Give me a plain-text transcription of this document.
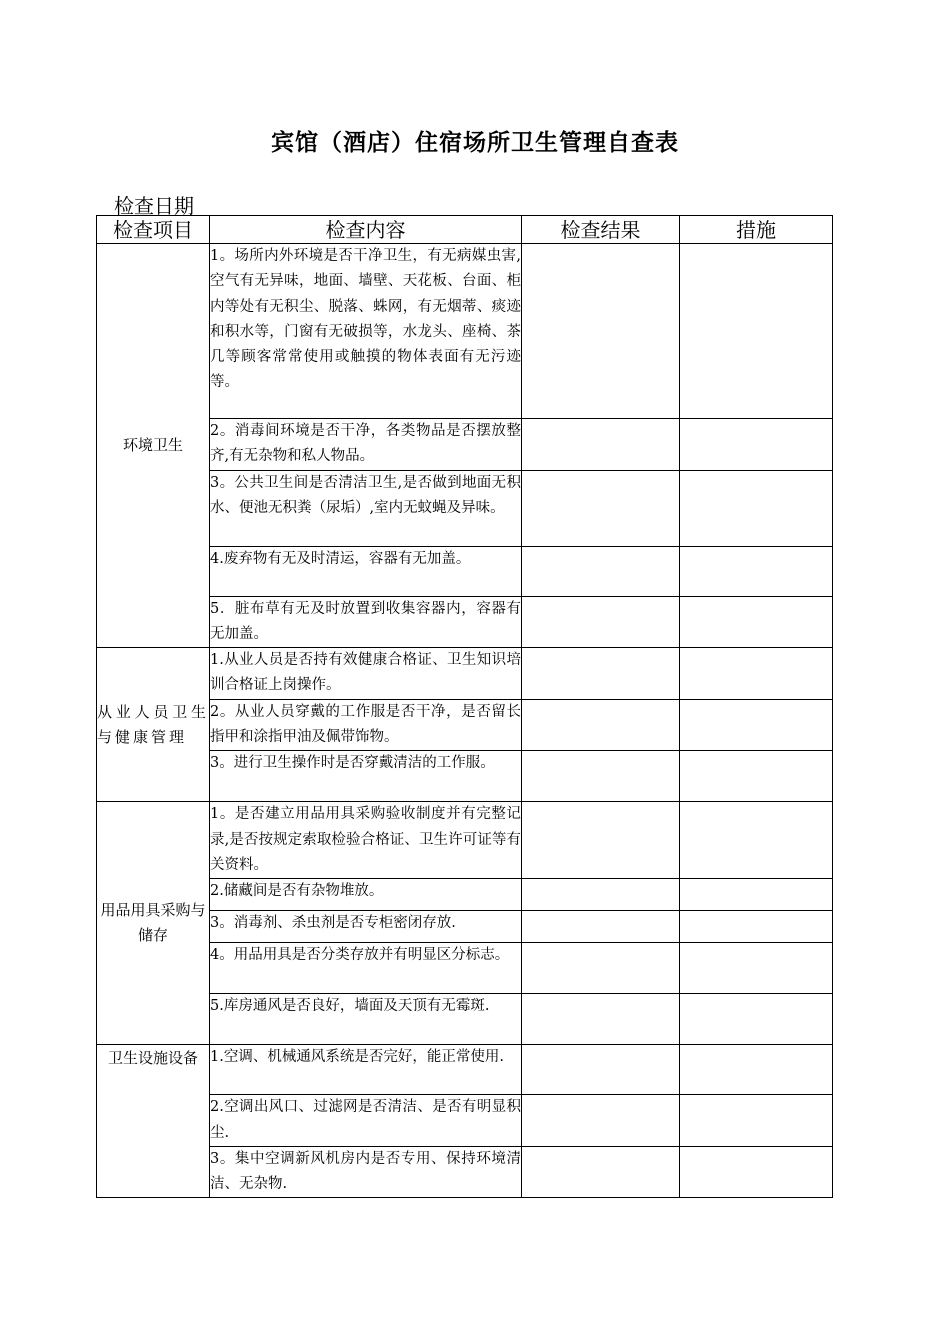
宾馆（酒店）住宿场所卫生管理自查表
检查日期
检查项目	检查内容	检查结果	措施
环境卫生	1。场所内外环境是否干净卫生，有无病媒虫害,空气有无异味，地面、墙壁、天花板、台面、柜内等处有无积尘、脱落、蛛网，有无烟蒂、痰迹和积水等，门窗有无破损等，水龙头、座椅、茶几等顾客常常使用或触摸的物体表面有无污迹等。		
	2。消毒间环境是否干净，各类物品是否摆放整齐,有无杂物和私人物品。		
	3。公共卫生间是否清洁卫生,是否做到地面无积水、便池无积粪（尿垢）,室内无蚊蝇及异味。		
	4.废弃物有无及时清运，容器有无加盖。		
	5．脏布草有无及时放置到收集容器内，容器有无加盖。		
从业人员卫生与健康管理	1.从业人员是否持有效健康合格证、卫生知识培训合格证上岗操作。		
	2。从业人员穿戴的工作服是否干净，是否留长指甲和涂指甲油及佩带饰物。		
	3。进行卫生操作时是否穿戴清洁的工作服。		
用品用具采购与储存	1。是否建立用品用具采购验收制度并有完整记录,是否按规定索取检验合格证、卫生许可证等有关资料。		
	2.储藏间是否有杂物堆放。		
	3。消毒剂、杀虫剂是否专柜密闭存放.		
	4。用品用具是否分类存放并有明显区分标志。		
	5.库房通风是否良好，墙面及天顶有无霉斑.		
卫生设施设备	1.空调、机械通风系统是否完好，能正常使用.		
	2.空调出风口、过滤网是否清洁、是否有明显积尘.		
	3。集中空调新风机房内是否专用、保持环境清洁、无杂物.		
